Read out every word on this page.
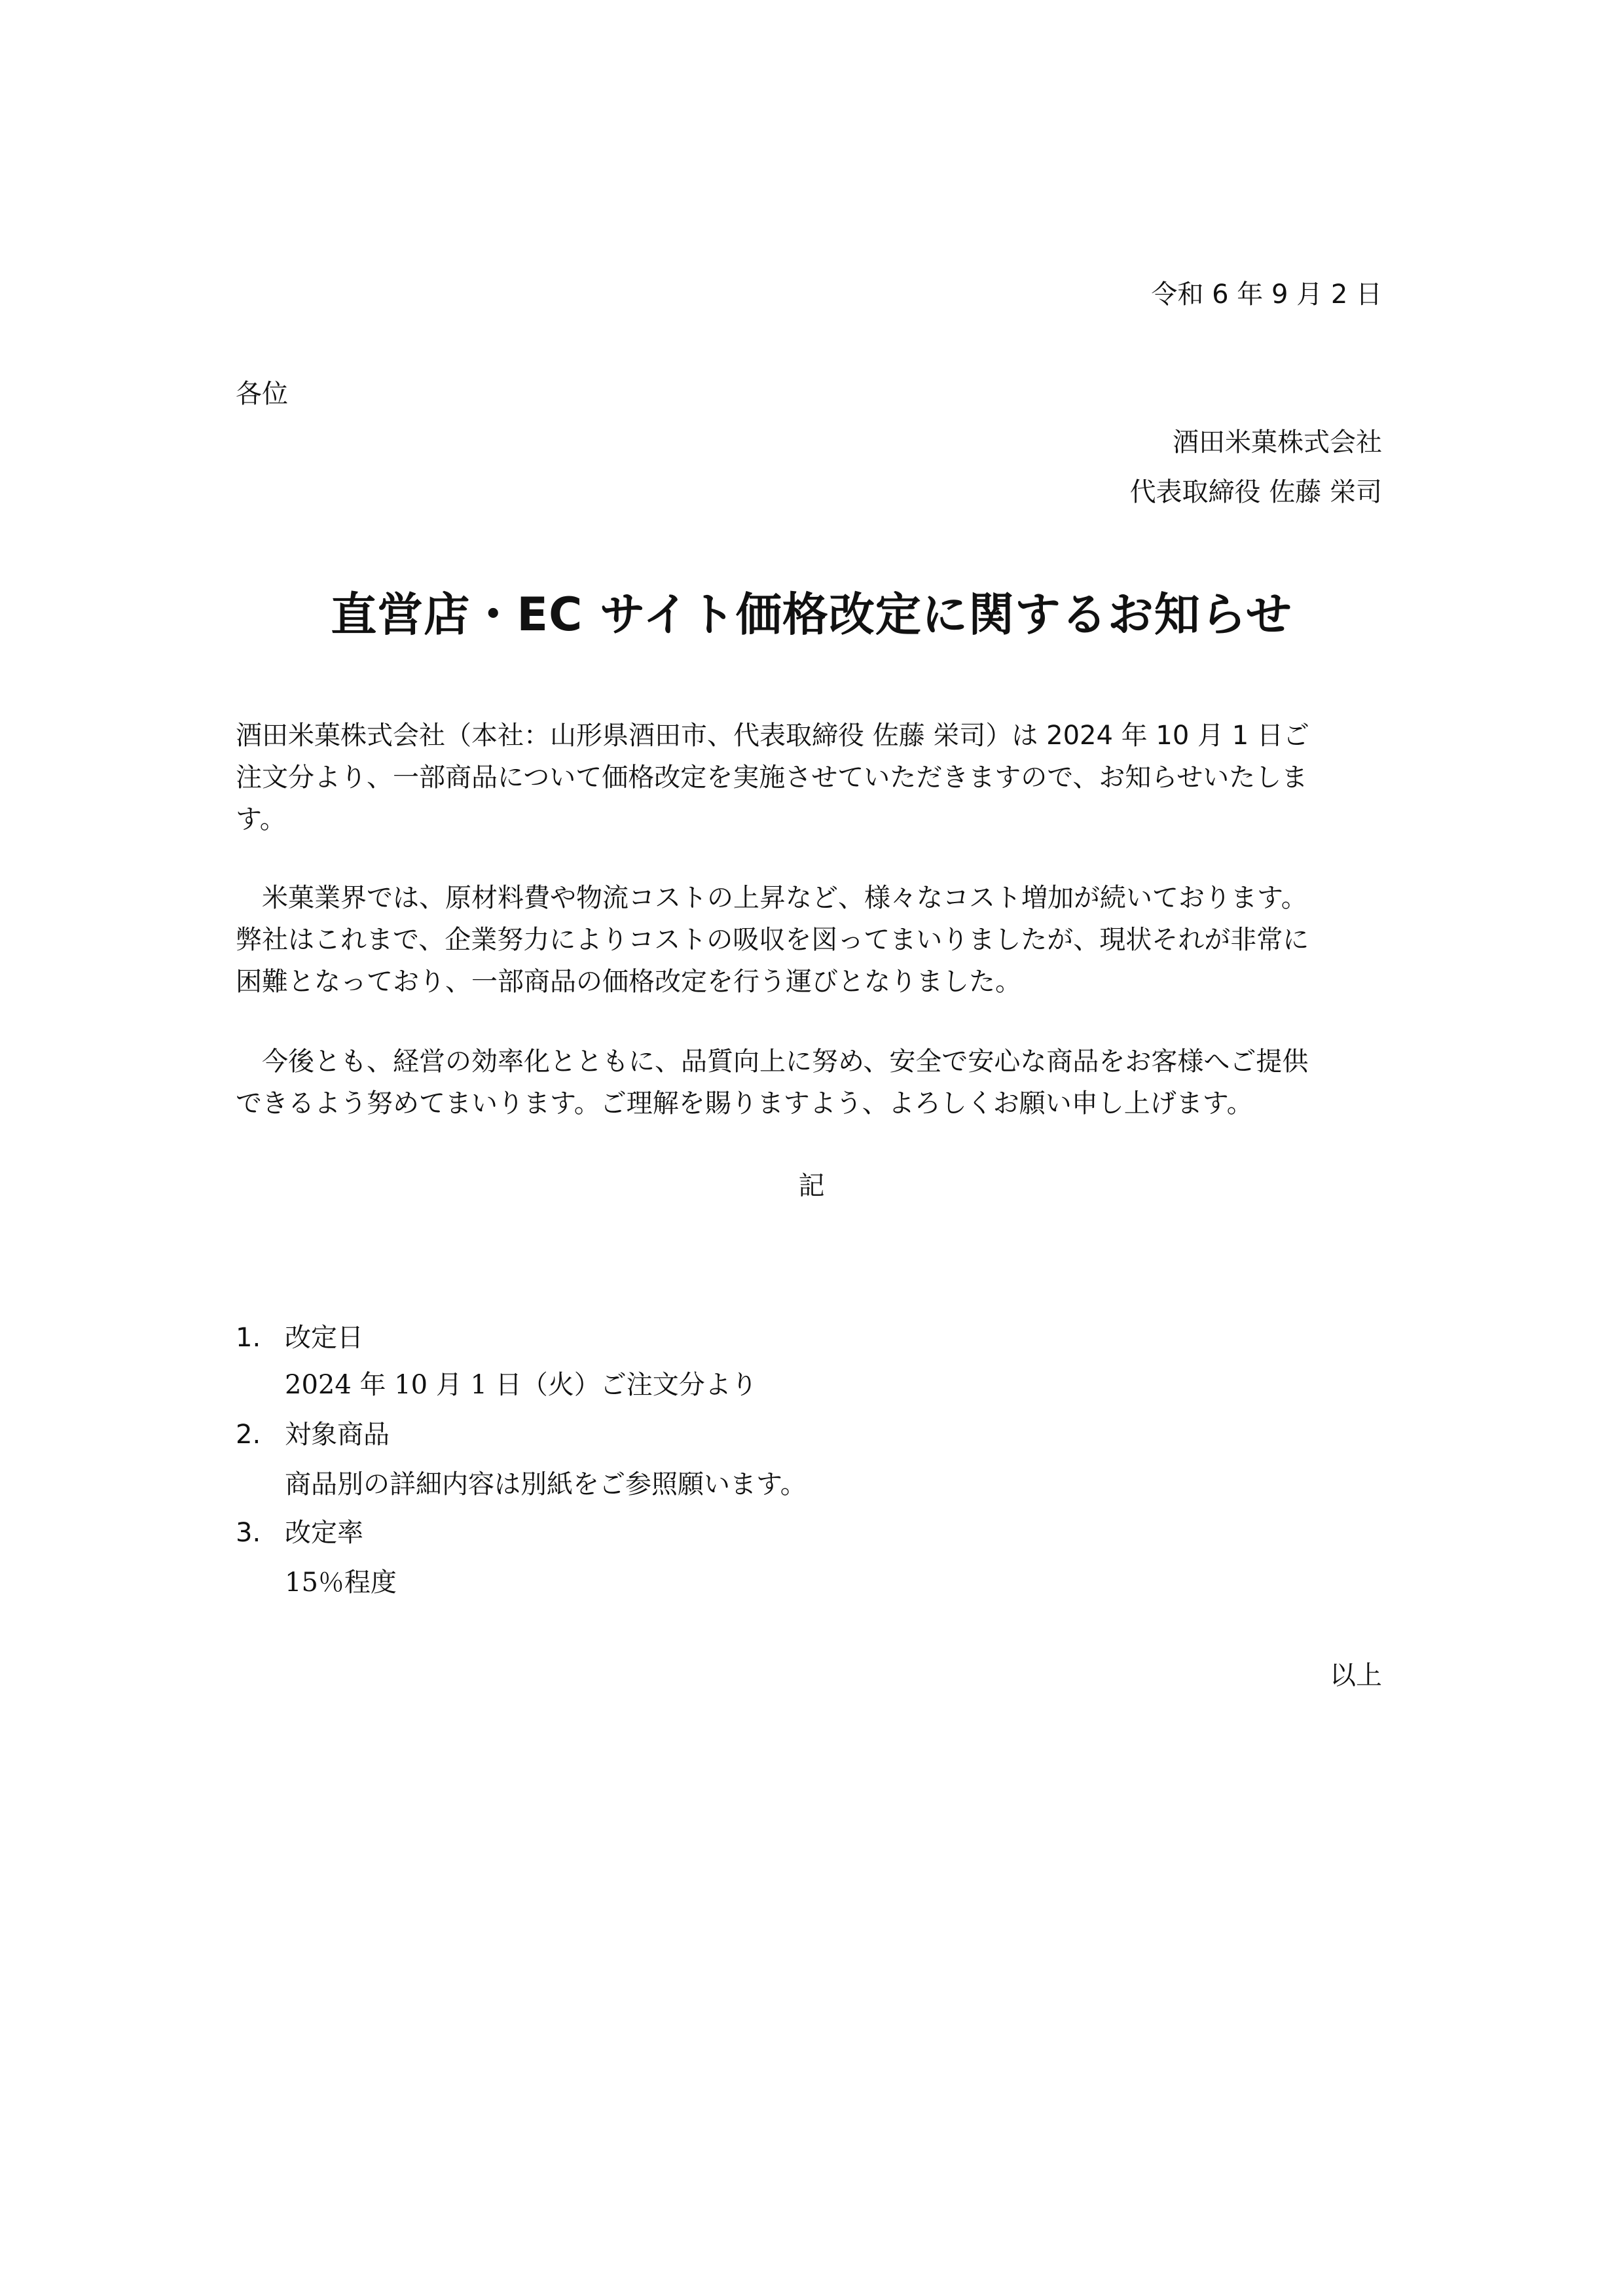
令和 6 年 9 月 2 日
各位
酒田米菓株式会社
代表取締役 佐藤 栄司
直営店・EC サイト価格改定に関するお知らせ
酒田米菓株式会社（本社：山形県酒田市、代表取締役 佐藤 栄司）は 2024 年 10 月 1 日ご
注文分より、一部商品について価格改定を実施させていただきますので、お知らせいたしま
す。
　米菓業界では、原材料費や物流コストの上昇など、様々なコスト増加が続いております。
弊社はこれまで、企業努力によりコストの吸収を図ってまいりましたが、現状それが非常に
困難となっており、一部商品の価格改定を行う運びとなりました。
　今後とも、経営の効率化とともに、品質向上に努め、安全で安心な商品をお客様へご提供
できるよう努めてまいります。ご理解を賜りますよう、よろしくお願い申し上げます。
記
1. 改定日
2024 年 10 月 1 日（火）ご注文分より
2. 対象商品
商品別の詳細内容は別紙をご参照願います。
3. 改定率
15％程度
以上
